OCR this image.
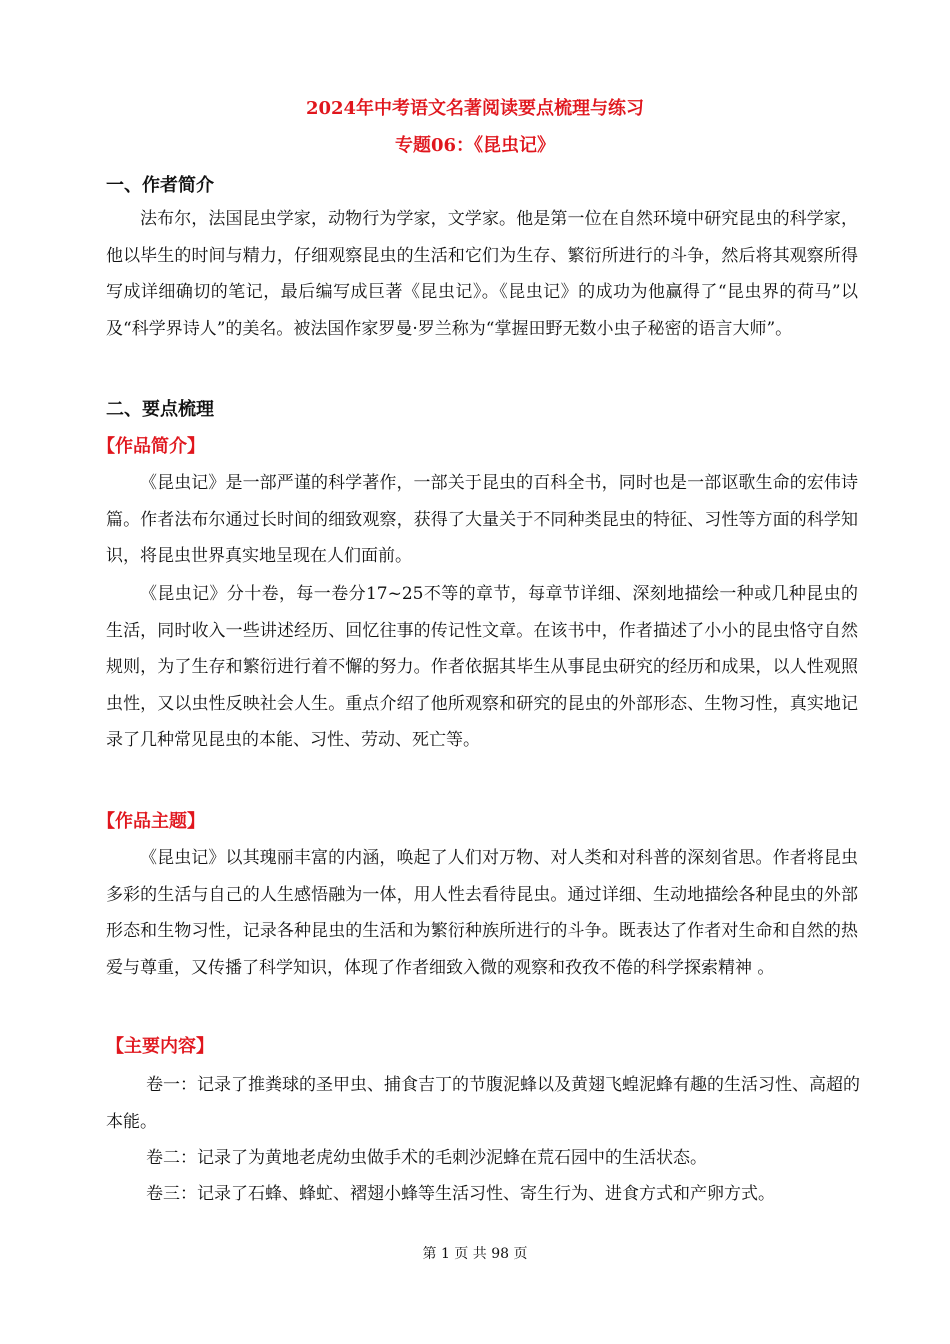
2024年中考语文名著阅读要点梳理与练习
专题06：《昆虫记》
一、作者简介

法布尔，法国昆虫学家，动物行为学家，文学家。他是第一位在自然环境中研究昆虫的科学家，他以毕生的时间与精力，仔细观察昆虫的生活和它们为生存、繁衍所进行的斗争，然后将其观察所得写成详细确切的笔记，最后编写成巨著《昆虫记》。《昆虫记》的成功为他赢得了“昆虫界的荷马”以及“科学界诗人”的美名。被法国作家罗曼·罗兰称为“掌握田野无数小虫子秘密的语言大师”。

二、要点梳理
【作品简介】

《昆虫记》是一部严谨的科学著作，一部关于昆虫的百科全书，同时也是一部讴歌生命的宏伟诗篇。作者法布尔通过长时间的细致观察，获得了大量关于不同种类昆虫的特征、习性等方面的科学知识，将昆虫世界真实地呈现在人们面前。

《昆虫记》分十卷，每一卷分17~25不等的章节，每章节详细、深刻地描绘一种或几种昆虫的生活，同时收入一些讲述经历、回忆往事的传记性文章。在该书中，作者描述了小小的昆虫恪守自然规则，为了生存和繁衍进行着不懈的努力。作者依据其毕生从事昆虫研究的经历和成果，以人性观照虫性，又以虫性反映社会人生。重点介绍了他所观察和研究的昆虫的外部形态、生物习性，真实地记录了几种常见昆虫的本能、习性、劳动、死亡等。

【作品主题】

《昆虫记》以其瑰丽丰富的内涵，唤起了人们对万物、对人类和对科普的深刻省思。作者将昆虫多彩的生活与自己的人生感悟融为一体，用人性去看待昆虫。通过详细、生动地描绘各种昆虫的外部形态和生物习性，记录各种昆虫的生活和为繁衍种族所进行的斗争。既表达了作者对生命和自然的热爱与尊重，又传播了科学知识，体现了作者细致入微的观察和孜孜不倦的科学探索精神 。

【主要内容】

卷一：记录了推粪球的圣甲虫、捕食吉丁的节腹泥蜂以及黄翅飞蝗泥蜂有趣的生活习性、高超的本能。

卷二：记录了为黄地老虎幼虫做手术的毛刺沙泥蜂在荒石园中的生活状态。

卷三：记录了石蜂、蜂虻、褶翅小蜂等生活习性、寄生行为、进食方式和产卵方式。

第 1 页 共 98 页
